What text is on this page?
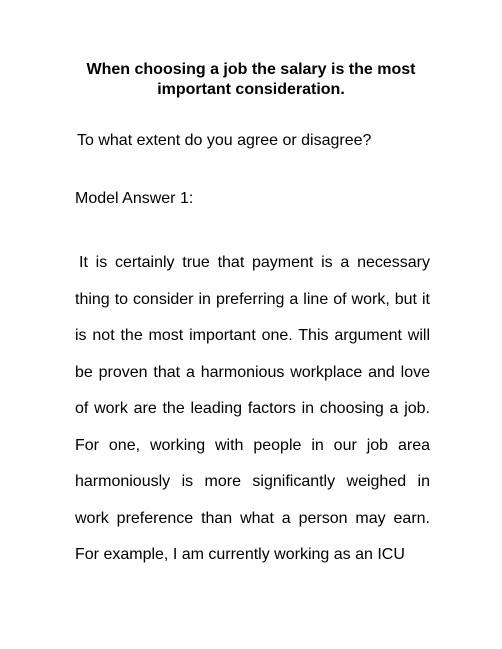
When choosing a job the salary is the most important consideration.
To what extent do you agree or disagree?
Model Answer 1:

It is certainly true that payment is a necessary thing to consider in preferring a line of work, but it is not the most important one. This argument will be proven that a harmonious workplace and love of work are the leading factors in choosing a job. For one, working with people in our job area harmoniously is more significantly weighed in work preference than what a person may earn. For example, I am currently working as an ICU
